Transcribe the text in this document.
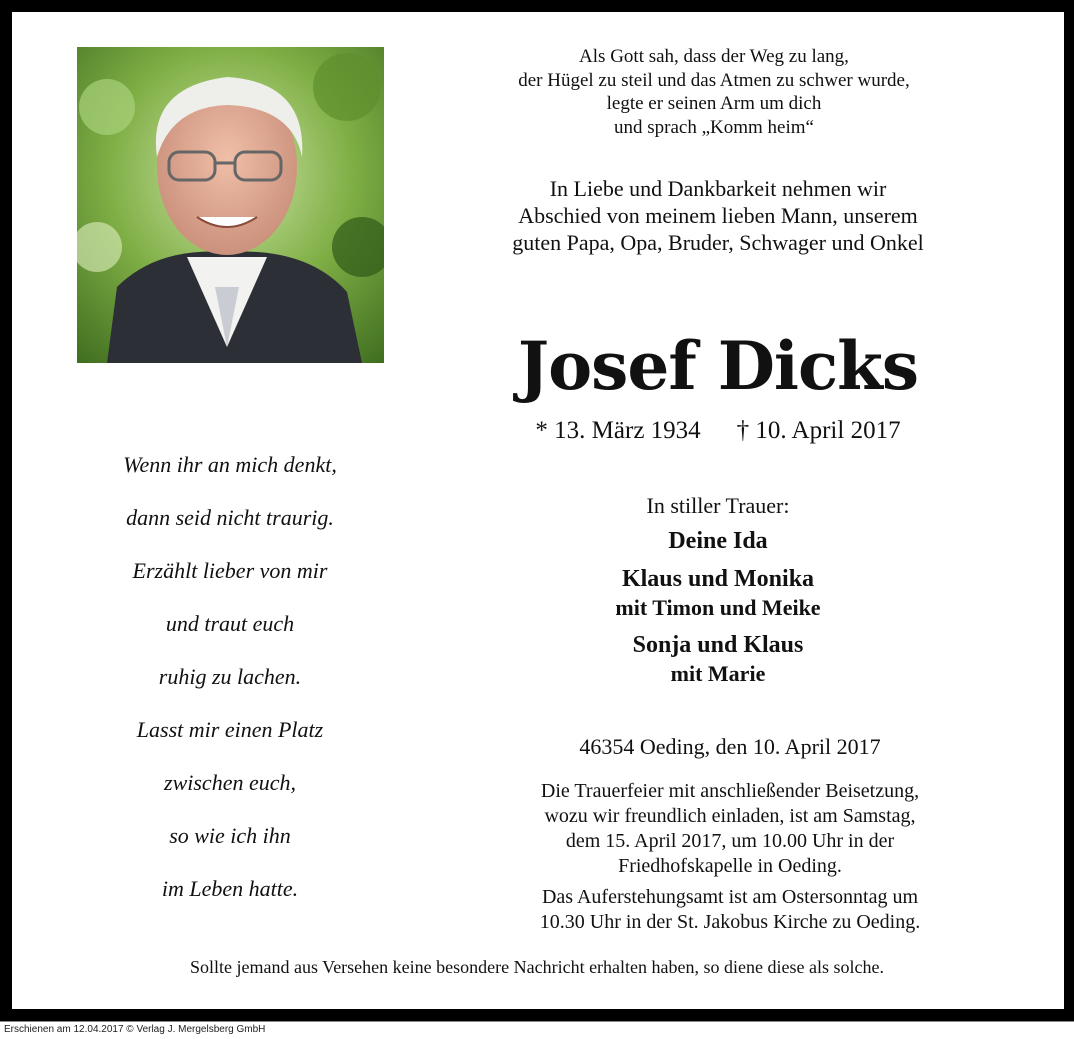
Als Gott sah, dass der Weg zu lang,
der Hügel zu steil und das Atmen zu schwer wurde,
legte er seinen Arm um dich
und sprach „Komm heim“
In Liebe und Dankbarkeit nehmen wir
Abschied von meinem lieben Mann, unserem
guten Papa, Opa, Bruder, Schwager und Onkel
Josef Dicks
* 13. März 1934 † 10. April 2017
Wenn ihr an mich denkt,
dann seid nicht traurig.
Erzählt lieber von mir
und traut euch
ruhig zu lachen.
Lasst mir einen Platz
zwischen euch,
so wie ich ihn
im Leben hatte.
In stiller Trauer:
Deine Ida
Klaus und Monika
mit Timon und Meike
Sonja und Klaus
mit Marie
46354 Oeding, den 10. April 2017
Die Trauerfeier mit anschließender Beisetzung,
wozu wir freundlich einladen, ist am Samstag,
dem 15. April 2017, um 10.00 Uhr in der
Friedhofskapelle in Oeding.
Das Auferstehungsamt ist am Ostersonntag um
10.30 Uhr in der St. Jakobus Kirche zu Oeding.
Sollte jemand aus Versehen keine besondere Nachricht erhalten haben, so diene diese als solche.
Erschienen am 12.04.2017 © Verlag J. Mergelsberg GmbH
